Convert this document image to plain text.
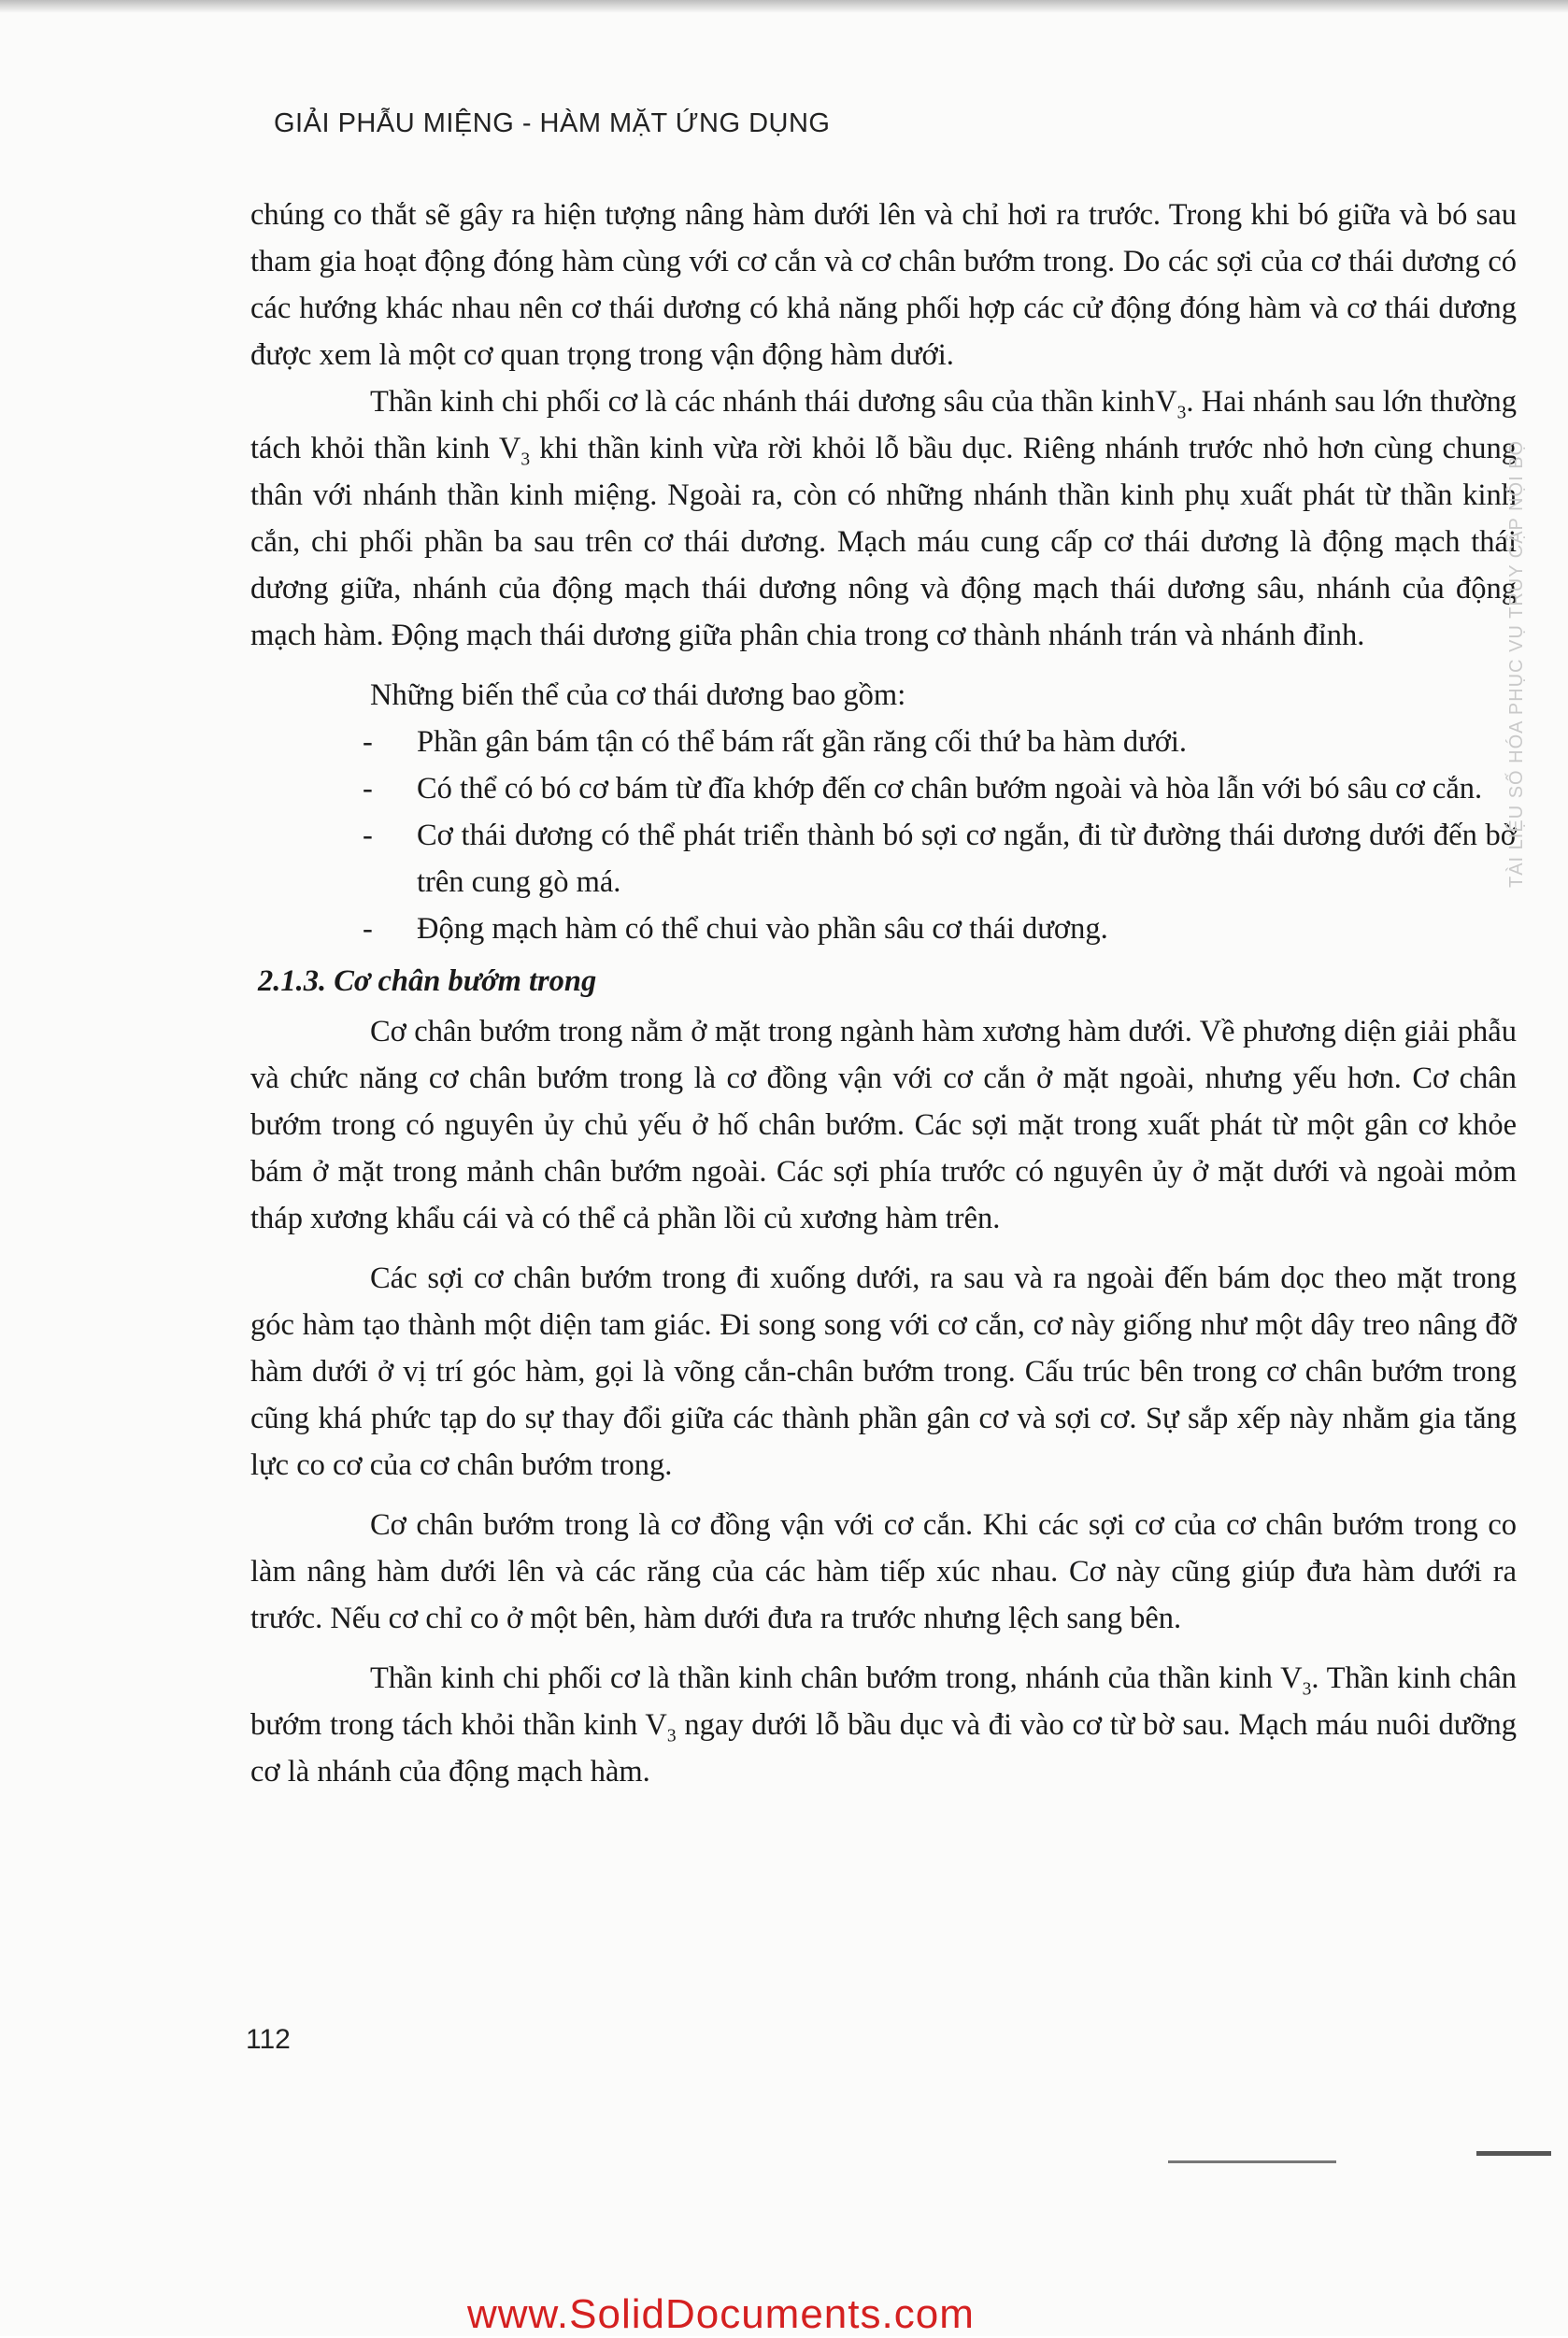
GIẢI PHẪU MIỆNG - HÀM MẶT ỨNG DỤNG

chúng co thắt sẽ gây ra hiện tượng nâng hàm dưới lên và chỉ hơi ra trước. Trong khi bó giữa và bó sau tham gia hoạt động đóng hàm cùng với cơ cắn và cơ chân bướm trong. Do các sợi của cơ thái dương có các hướng khác nhau nên cơ thái dương có khả năng phối hợp các cử động đóng hàm và cơ thái dương được xem là một cơ quan trọng trong vận động hàm dưới.

Thần kinh chi phối cơ là các nhánh thái dương sâu của thần kinhV$_3$. Hai nhánh sau lớn thường tách khỏi thần kinh $V_3$ khi thần kinh vừa rời khỏi lỗ bầu dục. Riêng nhánh trước nhỏ hơn cùng chung thân với nhánh thần kinh miệng. Ngoài ra, còn có những nhánh thần kinh phụ xuất phát từ thần kinh cắn, chi phối phần ba sau trên cơ thái dương. Mạch máu cung cấp cơ thái dương là động mạch thái dương giữa, nhánh của động mạch thái dương nông và động mạch thái dương sâu, nhánh của động mạch hàm. Động mạch thái dương giữa phân chia trong cơ thành nhánh trán và nhánh đỉnh.

Những biến thể của cơ thái dương bao gồm:

- Phần gân bám tận có thể bám rất gần răng cối thứ ba hàm dưới.

- Có thể có bó cơ bám từ đĩa khớp đến cơ chân bướm ngoài và hòa lẫn với bó sâu cơ cắn.

- Cơ thái dương có thể phát triển thành bó sợi cơ ngắn, đi từ đường thái dương dưới đến bờ trên cung gò má.

- Động mạch hàm có thể chui vào phần sâu cơ thái dương.

2.1.3. Cơ chân bướm trong

Cơ chân bướm trong nằm ở mặt trong ngành hàm xương hàm dưới. Về phương diện giải phẫu và chức năng cơ chân bướm trong là cơ đồng vận với cơ cắn ở mặt ngoài, nhưng yếu hơn. Cơ chân bướm trong có nguyên ủy chủ yếu ở hố chân bướm. Các sợi mặt trong xuất phát từ một gân cơ khỏe bám ở mặt trong mảnh chân bướm ngoài. Các sợi phía trước có nguyên ủy ở mặt dưới và ngoài mỏm tháp xương khẩu cái và có thể cả phần lồi củ xương hàm trên.

Các sợi cơ chân bướm trong đi xuống dưới, ra sau và ra ngoài đến bám dọc theo mặt trong góc hàm tạo thành một diện tam giác. Đi song song với cơ cắn, cơ này giống như một dây treo nâng đỡ hàm dưới ở vị trí góc hàm, gọi là võng cắn-chân bướm trong. Cấu trúc bên trong cơ chân bướm trong cũng khá phức tạp do sự thay đổi giữa các thành phần gân cơ và sợi cơ. Sự sắp xếp này nhằm gia tăng lực co cơ của cơ chân bướm trong.

Cơ chân bướm trong là cơ đồng vận với cơ cắn. Khi các sợi cơ của cơ chân bướm trong co làm nâng hàm dưới lên và các răng của các hàm tiếp xúc nhau. Cơ này cũng giúp đưa hàm dưới ra trước. Nếu cơ chỉ co ở một bên, hàm dưới đưa ra trước nhưng lệch sang bên.

Thần kinh chi phối cơ là thần kinh chân bướm trong, nhánh của thần kinh $V_3$. Thần kinh chân bướm trong tách khỏi thần kinh $V_3$ ngay dưới lỗ bầu dục và đi vào cơ từ bờ sau. Mạch máu nuôi dưỡng cơ là nhánh của động mạch hàm.

112
TÀI LIỆU SỐ HÓA PHỤC VỤ TRUY CẬP NỘI BỘ
www.SolidDocuments.com
